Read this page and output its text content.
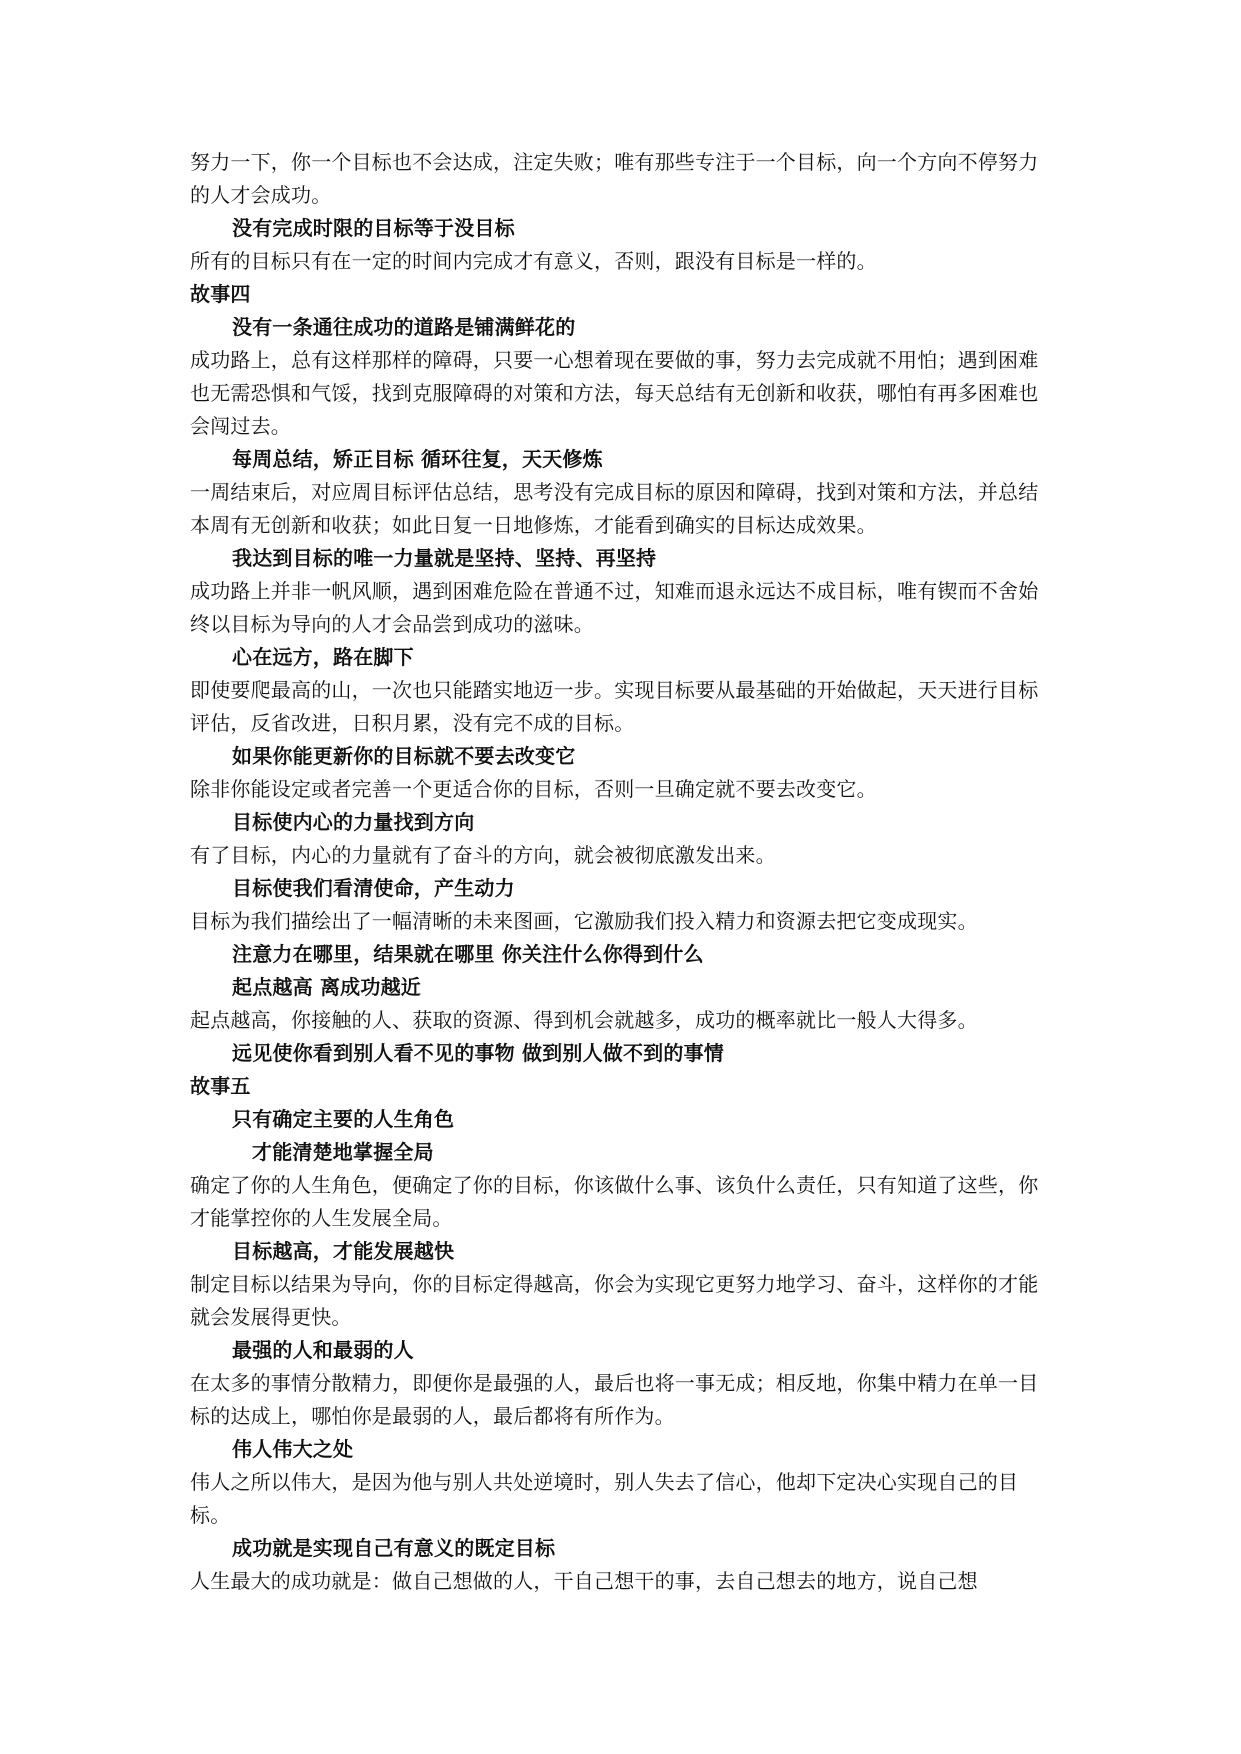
努力一下，你一个目标也不会达成，注定失败；唯有那些专注于一个目标，向一个方向不停努力的人才会成功。

没有完成时限的目标等于没目标

所有的目标只有在一定的时间内完成才有意义，否则，跟没有目标是一样的。

故事四

没有一条通往成功的道路是铺满鲜花的

成功路上，总有这样那样的障碍，只要一心想着现在要做的事，努力去完成就不用怕；遇到困难也无需恐惧和气馁，找到克服障碍的对策和方法，每天总结有无创新和收获，哪怕有再多困难也会闯过去。

每周总结，矫正目标 循环往复，天天修炼

一周结束后，对应周目标评估总结，思考没有完成目标的原因和障碍，找到对策和方法，并总结本周有无创新和收获；如此日复一日地修炼，才能看到确实的目标达成效果。

我达到目标的唯一力量就是坚持、坚持、再坚持

成功路上并非一帆风顺，遇到困难危险在普通不过，知难而退永远达不成目标，唯有锲而不舍始终以目标为导向的人才会品尝到成功的滋味。

心在远方，路在脚下

即使要爬最高的山，一次也只能踏实地迈一步。实现目标要从最基础的开始做起，天天进行目标评估，反省改进，日积月累，没有完不成的目标。

如果你能更新你的目标就不要去改变它

除非你能设定或者完善一个更适合你的目标，否则一旦确定就不要去改变它。

目标使内心的力量找到方向

有了目标，内心的力量就有了奋斗的方向，就会被彻底激发出来。

目标使我们看清使命，产生动力

目标为我们描绘出了一幅清晰的未来图画，它激励我们投入精力和资源去把它变成现实。

注意力在哪里，结果就在哪里 你关注什么你得到什么

起点越高 离成功越近

起点越高，你接触的人、获取的资源、得到机会就越多，成功的概率就比一般人大得多。

远见使你看到别人看不见的事物 做到别人做不到的事情

故事五

只有确定主要的人生角色

才能清楚地掌握全局

确定了你的人生角色，便确定了你的目标，你该做什么事、该负什么责任，只有知道了这些，你才能掌控你的人生发展全局。

目标越高，才能发展越快

制定目标以结果为导向，你的目标定得越高，你会为实现它更努力地学习、奋斗，这样你的才能就会发展得更快。

最强的人和最弱的人

在太多的事情分散精力，即便你是最强的人，最后也将一事无成；相反地，你集中精力在单一目标的达成上，哪怕你是最弱的人，最后都将有所作为。

伟人伟大之处

伟人之所以伟大，是因为他与别人共处逆境时，别人失去了信心，他却下定决心实现自己的目标。

成功就是实现自己有意义的既定目标

人生最大的成功就是：做自己想做的人，干自己想干的事，去自己想去的地方，说自己想
